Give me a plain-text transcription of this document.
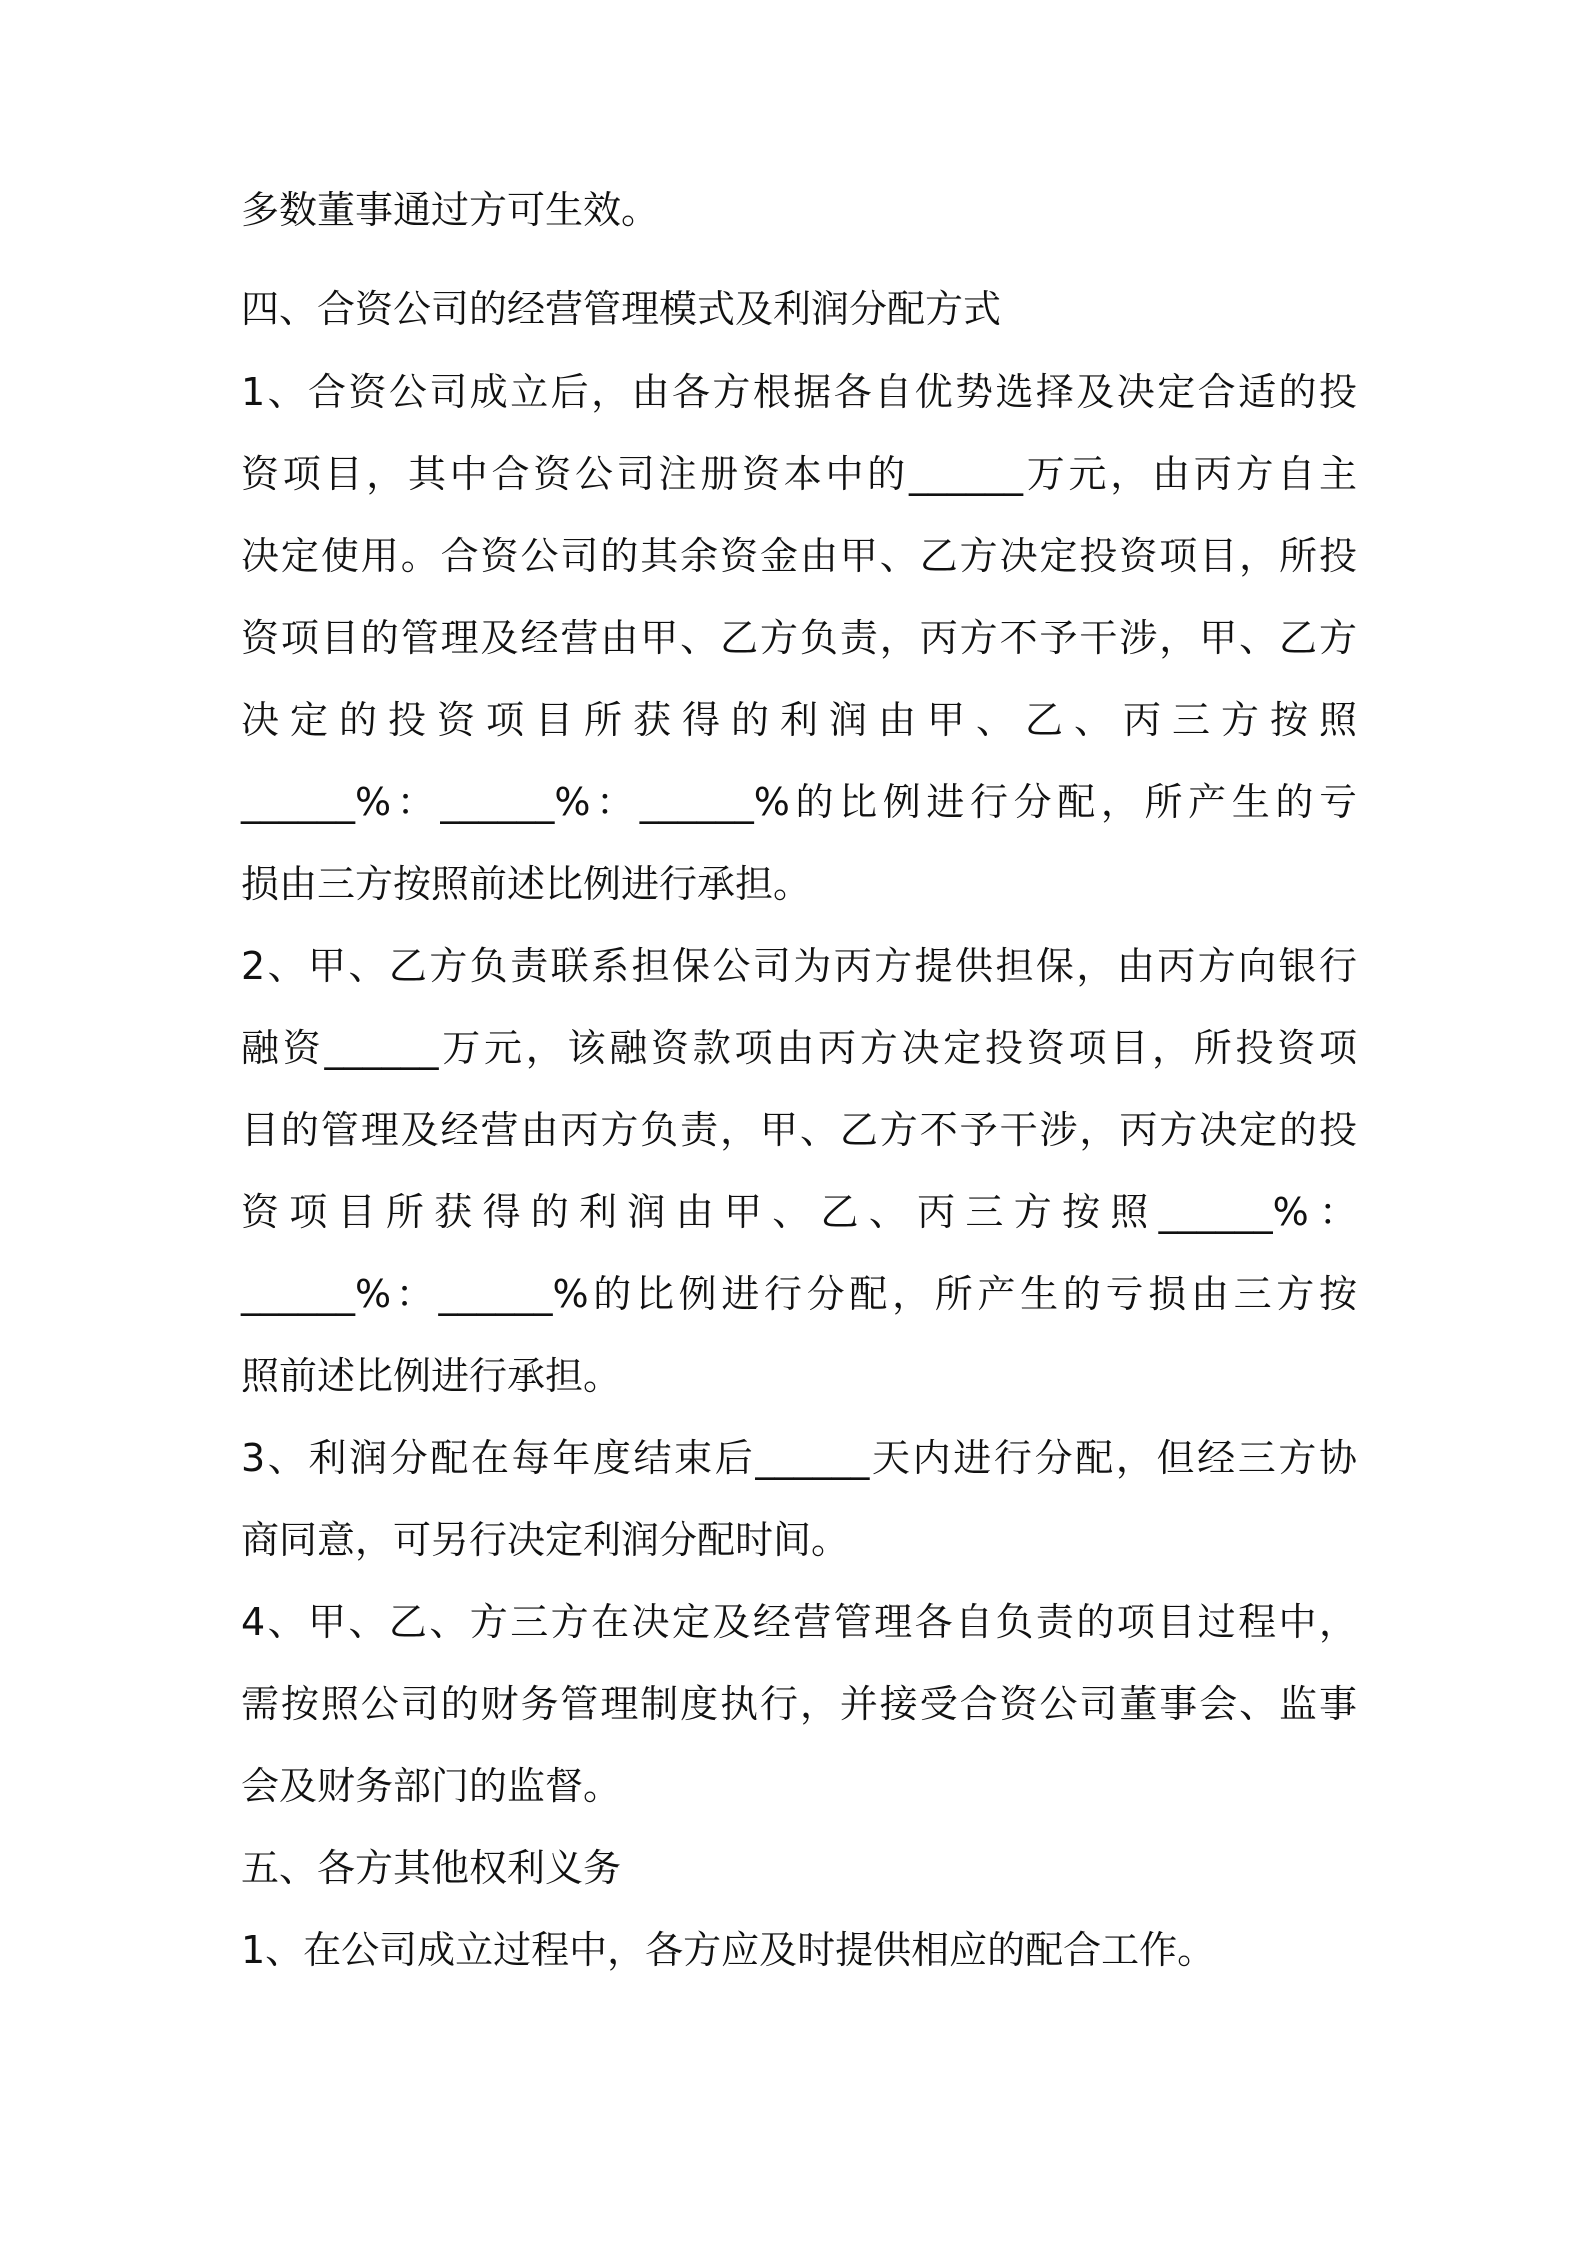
多数董事通过方可生效。
四、合资公司的经营管理模式及利润分配方式
1、合资公司成立后，由各方根据各自优势选择及决定合适的投
资项目，其中合资公司注册资本中的______万元，由丙方自主
决定使用。合资公司的其余资金由甲、乙方决定投资项目，所投
资项目的管理及经营由甲、乙方负责，丙方不予干涉，甲、乙方
决定的投资项目所获得的利润由甲、乙、丙三方按照
______%：______%：______%的比例进行分配，所产生的亏
损由三方按照前述比例进行承担。
2、甲、乙方负责联系担保公司为丙方提供担保，由丙方向银行
融资______万元，该融资款项由丙方决定投资项目，所投资项
目的管理及经营由丙方负责，甲、乙方不予干涉，丙方决定的投
资项目所获得的利润由甲、乙、丙三方按照______%：
______%：______%的比例进行分配，所产生的亏损由三方按
照前述比例进行承担。
3、利润分配在每年度结束后______天内进行分配，但经三方协
商同意，可另行决定利润分配时间。
4、甲、乙、方三方在决定及经营管理各自负责的项目过程中，
需按照公司的财务管理制度执行，并接受合资公司董事会、监事
会及财务部门的监督。
五、各方其他权利义务
1、在公司成立过程中，各方应及时提供相应的配合工作。
